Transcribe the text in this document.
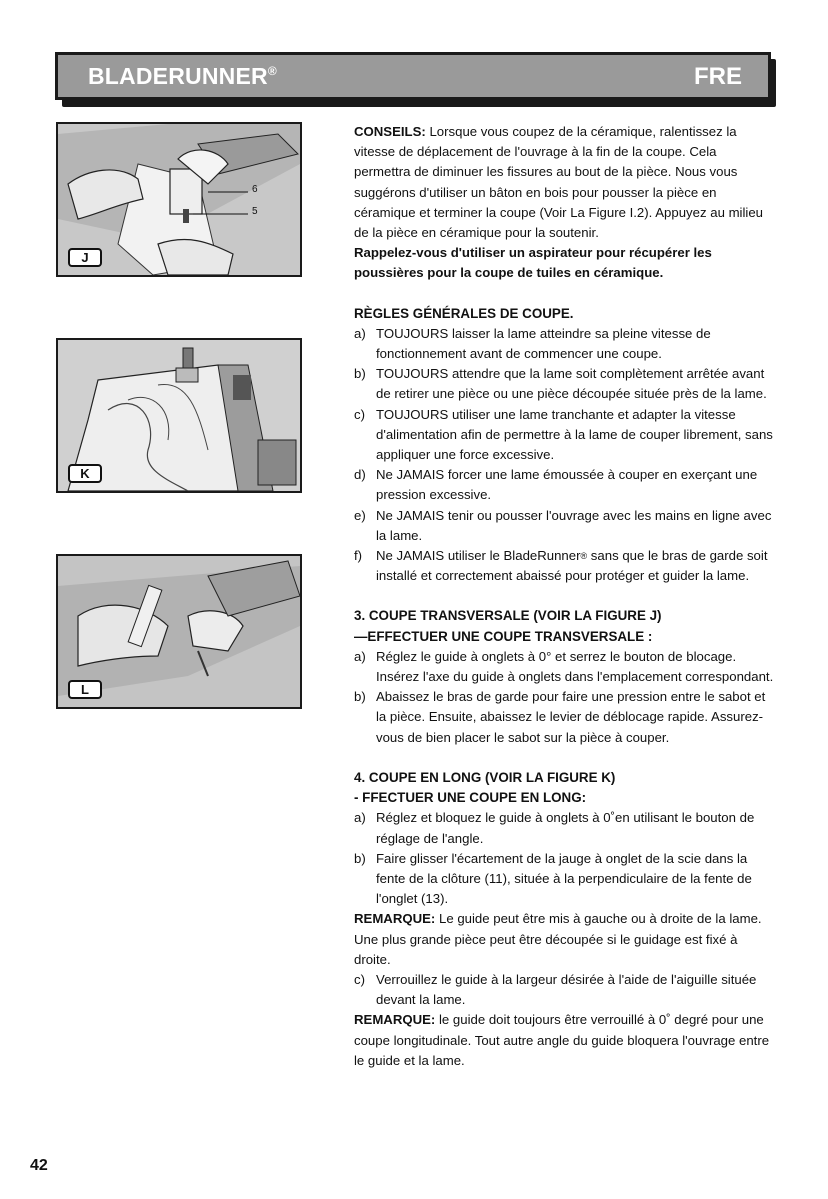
BLADERUNNER®	FRE
6
5
J
K
L

CONSEILS: Lorsque vous coupez de la céramique, ralentissez la vitesse de déplacement de l'ouvrage à la fin de la coupe. Cela permettra de diminuer les fissures au bout de la pièce. Nous vous suggérons d'utiliser un bâton en bois pour pousser la pièce en céramique et terminer la coupe (Voir La Figure I.2). Appuyez au milieu de la pièce en céramique pour la soutenir.

Rappelez-vous d'utiliser un aspirateur pour récupérer les poussières pour la coupe de tuiles en céramique.

RÈGLES GÉNÉRALES DE COUPE.

a) TOUJOURS laisser la lame atteindre sa pleine vitesse de fonctionnement avant de commencer une coupe.
b) TOUJOURS attendre que la lame soit complètement arrêtée avant de retirer une pièce ou une pièce découpée située près de la lame.
c) TOUJOURS utiliser une lame tranchante et adapter la vitesse d'alimentation afin de permettre à la lame de couper librement, sans appliquer une force excessive.
d) Ne JAMAIS forcer une lame émoussée à couper en exerçant une pression excessive.
e) Ne JAMAIS tenir ou pousser l'ouvrage avec les mains en ligne avec la lame.
f) Ne JAMAIS utiliser le BladeRunner® sans que le bras de garde soit installé et correctement abaissé pour protéger et guider la lame.

3. COUPE TRANSVERSALE (VOIR LA FIGURE J)

—EFFECTUER UNE COUPE TRANSVERSALE :

a) Réglez le guide à onglets à 0° et serrez le bouton de blocage. Insérez l'axe du guide à onglets dans l'emplacement correspondant.
b) Abaissez le bras de garde pour faire une pression entre le sabot et la pièce. Ensuite, abaissez le levier de déblocage rapide. Assurez-vous de bien placer le sabot sur la pièce à couper.

4. COUPE EN LONG (VOIR LA FIGURE K)

- FFECTUER UNE COUPE EN LONG:

a) Réglez et bloquez le guide à onglets à 0˚en utilisant le bouton de réglage de l'angle.
b) Faire glisser l'écartement de la jauge à onglet de la scie dans la fente de la clôture (11), située à la perpendiculaire de la fente de l'onglet (13).

REMARQUE: Le guide peut être mis à gauche ou à droite de la lame. Une plus grande pièce peut être découpée si le guidage est fixé à droite.

c) Verrouillez le guide à la largeur désirée à l'aide de l'aiguille située devant la lame.

REMARQUE: le guide doit toujours être verrouillé à 0˚ degré pour une coupe longitudinale. Tout autre angle du guide bloquera l'ouvrage entre le guide et la lame.

42
